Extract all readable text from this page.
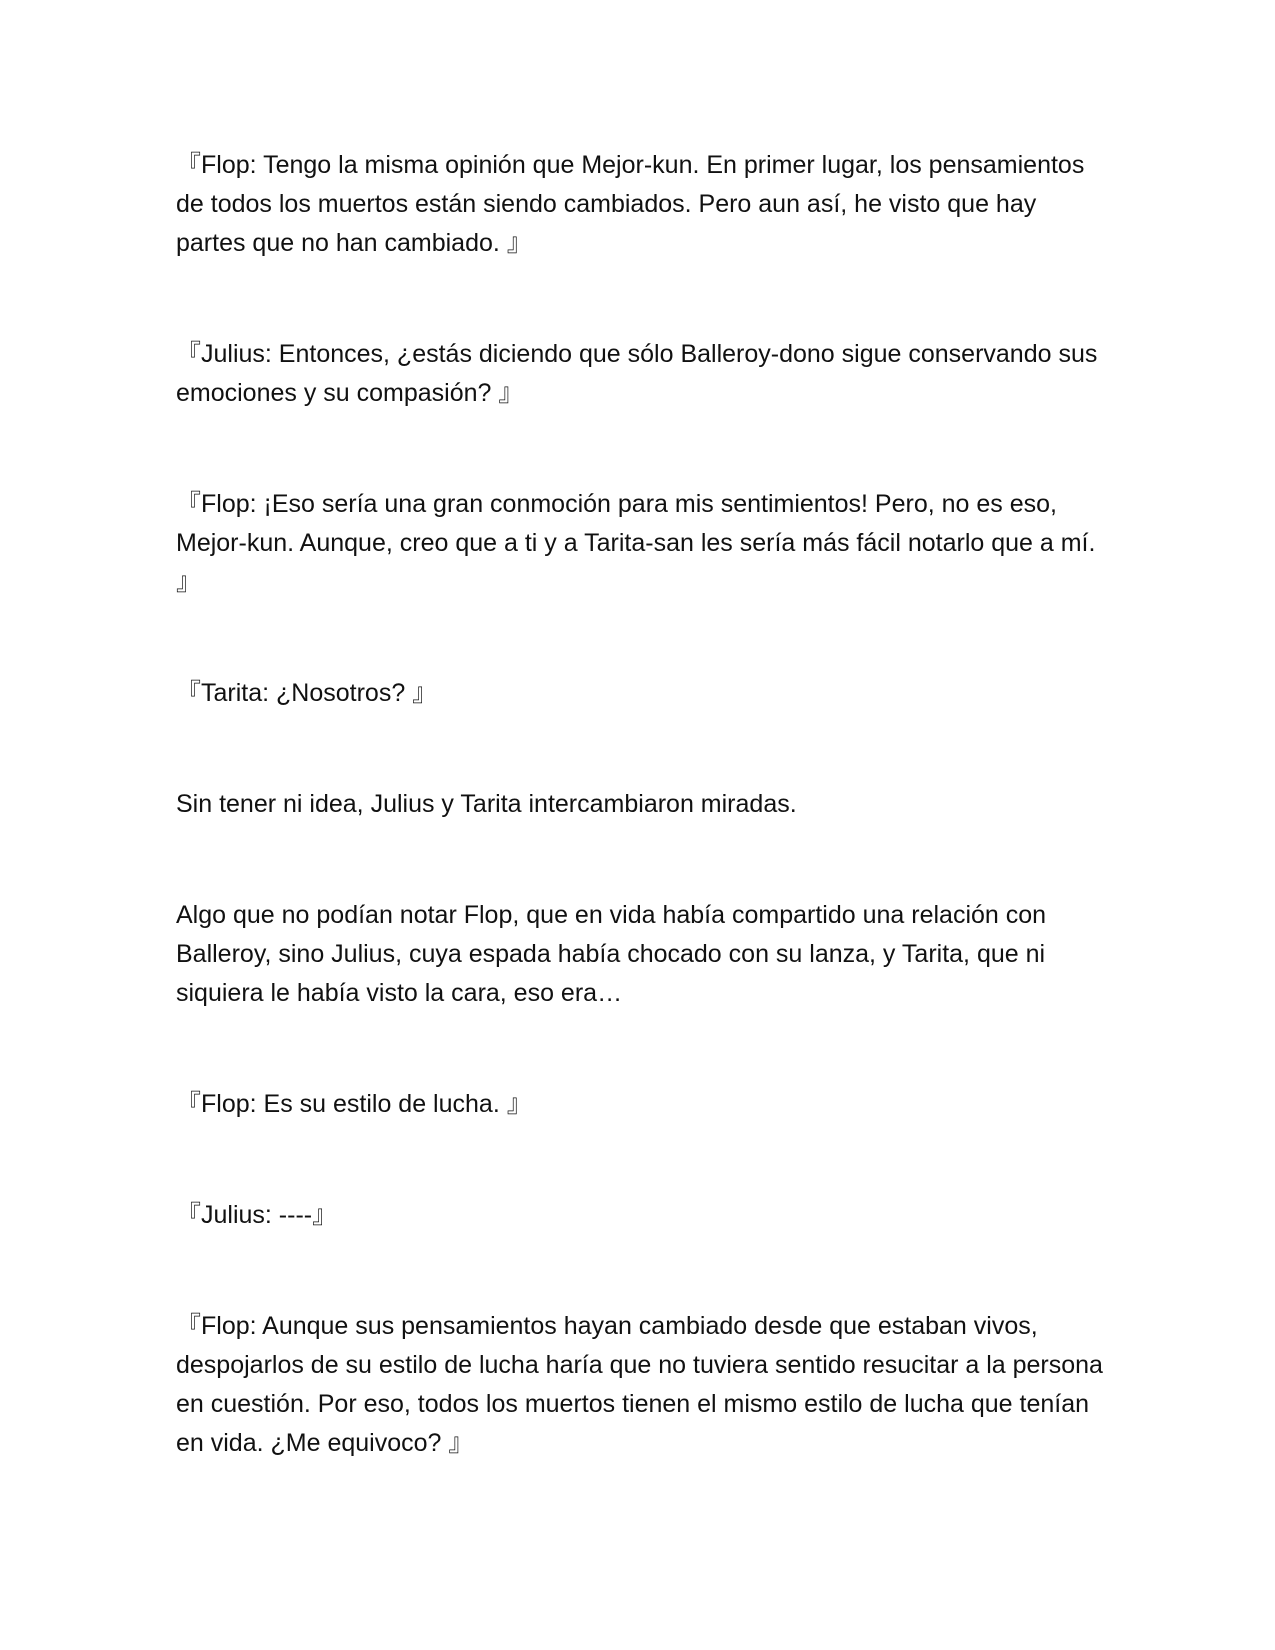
『Flop: Tengo la misma opinión que Mejor-kun. En primer lugar, los pensamientos de todos los muertos están siendo cambiados. Pero aun así, he visto que hay partes que no han cambiado. 』

『Julius: Entonces, ¿estás diciendo que sólo Balleroy-dono sigue conservando sus emociones y su compasión? 』

『Flop: ¡Eso sería una gran conmoción para mis sentimientos! Pero, no es eso, Mejor-kun. Aunque, creo que a ti y a Tarita-san les sería más fácil notarlo que a mí. 』

『Tarita: ¿Nosotros? 』

Sin tener ni idea, Julius y Tarita intercambiaron miradas.

Algo que no podían notar Flop, que en vida había compartido una relación con Balleroy, sino Julius, cuya espada había chocado con su lanza, y Tarita, que ni siquiera le había visto la cara, eso era…

『Flop: Es su estilo de lucha. 』

『Julius: ----』

『Flop: Aunque sus pensamientos hayan cambiado desde que estaban vivos, despojarlos de su estilo de lucha haría que no tuviera sentido resucitar a la persona en cuestión. Por eso, todos los muertos tienen el mismo estilo de lucha que tenían en vida. ¿Me equivoco? 』
